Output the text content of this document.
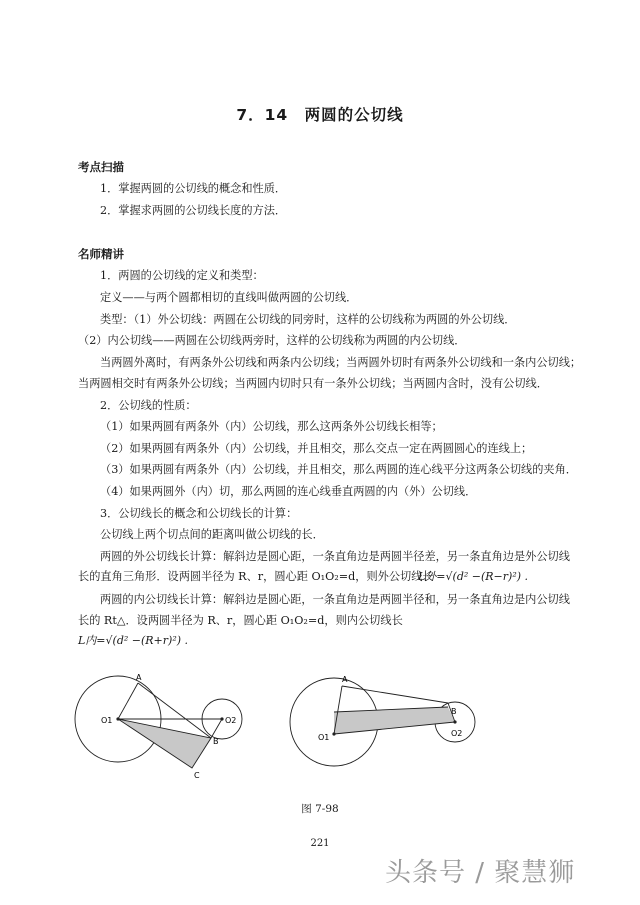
7．14　两圆的公切线
考点扫描
1．掌握两圆的公切线的概念和性质．
2．掌握求两圆的公切线长度的方法．
名师精讲
1．两圆的公切线的定义和类型：
定义——与两个圆都相切的直线叫做两圆的公切线．
类型：（1）外公切线：两圆在公切线的同旁时，这样的公切线称为两圆的外公切线．
（2）内公切线——两圆在公切线两旁时，这样的公切线称为两圆的内公切线．
当两圆外离时，有两条外公切线和两条内公切线；当两圆外切时有两条外公切线和一条内公切线；
当两圆相交时有两条外公切线；当两圆内切时只有一条外公切线；当两圆内含时，没有公切线．
2．公切线的性质：
（1）如果两圆有两条外（内）公切线，那么这两条外公切线长相等；
（2）如果两圆有两条外（内）公切线，并且相交，那么交点一定在两圆圆心的连线上；
（3）如果两圆有两条外（内）公切线，并且相交，那么两圆的连心线平分这两条公切线的夹角．
（4）如果两圆外（内）切，那么两圆的连心线垂直两圆的内（外）公切线．
3．公切线长的概念和公切线长的计算：
公切线上两个切点间的距离叫做公切线的长．
两圆的外公切线长计算：解斜边是圆心距，一条直角边是两圆半径差，另一条直角边是外公切线
长的直角三角形．设两圆半径为 R、r，圆心距 O₁O₂=d，则外公切线长
L外=√(d² −(R−r)²) .
两圆的内公切线长计算：解斜边是圆心距，一条直角边是两圆半径和，另一条直角边是内公切线
长的 Rt△．设两圆半径为 R、r，圆心距 O₁O₂=d，则内公切线长
L内=√(d² −(R+r)²) .
A
O1	O2
B
C
A
O1	O2
B
图 7-98
221
头条号 / 聚慧狮
